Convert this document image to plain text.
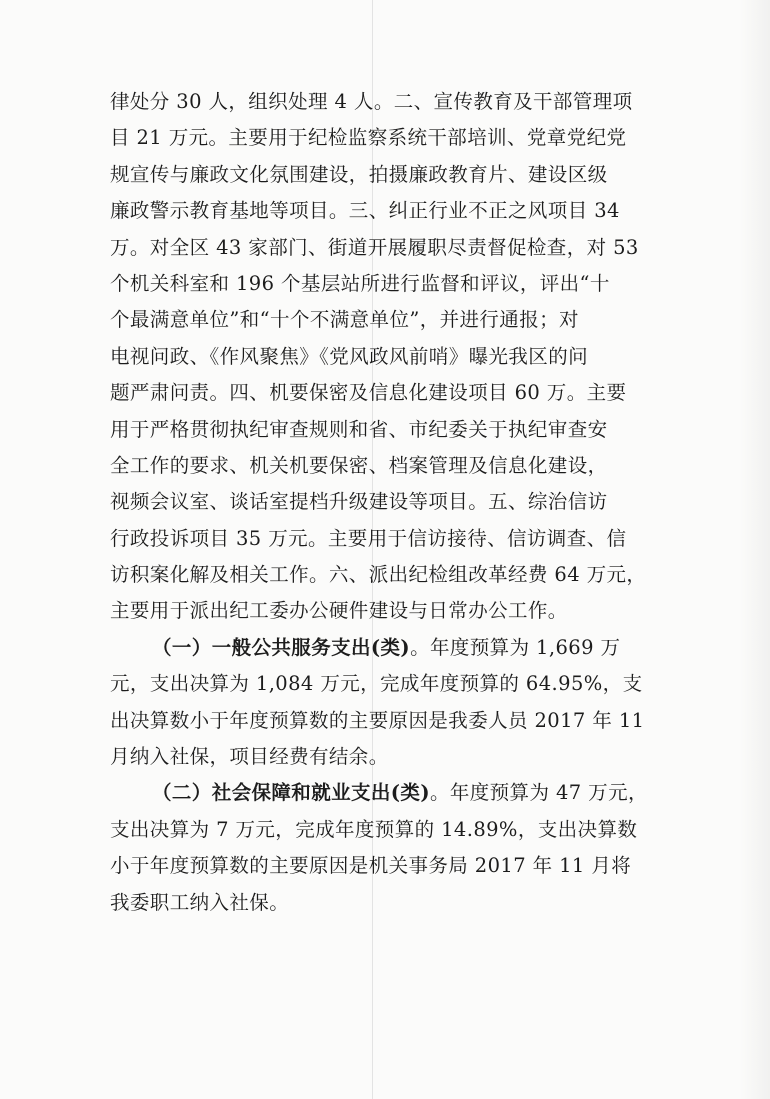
律处分 30 人，组织处理 4 人。二、宣传教育及干部管理项
目 21 万元。主要用于纪检监察系统干部培训、党章党纪党
规宣传与廉政文化氛围建设，拍摄廉政教育片、建设区级
廉政警示教育基地等项目。三、纠正行业不正之风项目 34
万。对全区 43 家部门、街道开展履职尽责督促检查，对 53
个机关科室和 196 个基层站所进行监督和评议，评出“十
个最满意单位”和“十个不满意单位”，并进行通报；对
电视问政、《作风聚焦》《党风政风前哨》曝光我区的问
题严肃问责。四、机要保密及信息化建设项目 60 万。主要
用于严格贯彻执纪审查规则和省、市纪委关于执纪审查安
全工作的要求、机关机要保密、档案管理及信息化建设，
视频会议室、谈话室提档升级建设等项目。五、综治信访
行政投诉项目 35 万元。主要用于信访接待、信访调查、信
访积案化解及相关工作。六、派出纪检组改革经费 64 万元，
主要用于派出纪工委办公硬件建设与日常办公工作。
（一）一般公共服务支出(类)。年度预算为 1,669 万
元，支出决算为 1,084 万元，完成年度预算的 64.95%，支
出决算数小于年度预算数的主要原因是我委人员 2017 年 11
月纳入社保，项目经费有结余。
（二）社会保障和就业支出(类)。年度预算为 47 万元，
支出决算为 7 万元，完成年度预算的 14.89%，支出决算数
小于年度预算数的主要原因是机关事务局 2017 年 11 月将
我委职工纳入社保。
